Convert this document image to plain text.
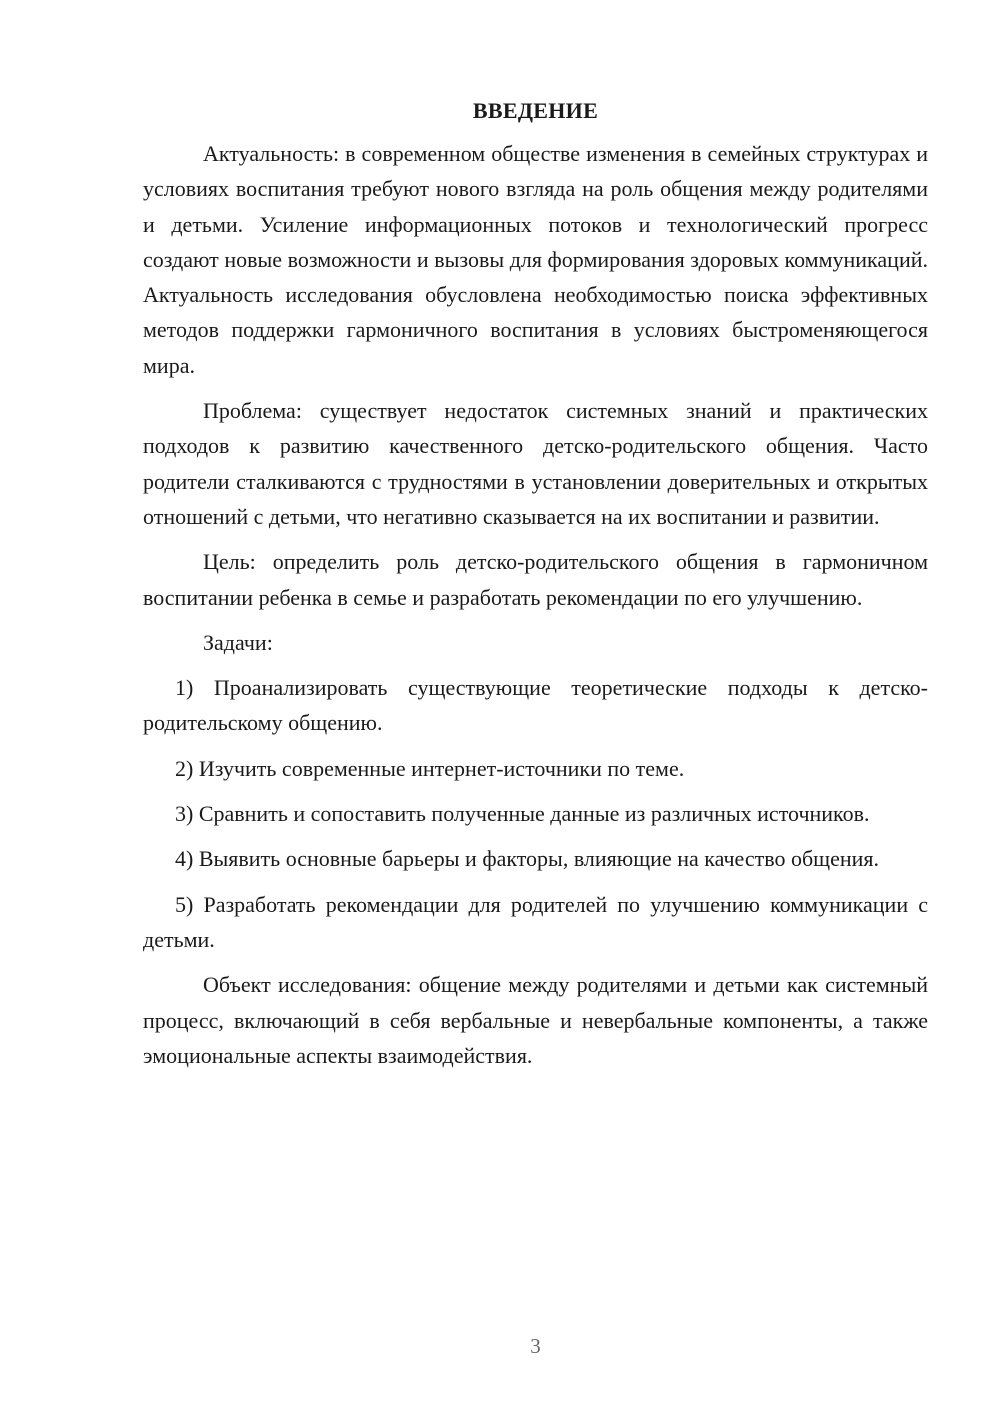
ВВЕДЕНИЕ

Актуальность: в современном обществе изменения в семейных структурах и условиях воспитания требуют нового взгляда на роль общения между родителями и детьми. Усиление информационных потоков и технологический прогресс создают новые возможности и вызовы для формирования здоровых коммуникаций. Актуальность исследования обусловлена необходимостью поиска эффективных методов поддержки гармоничного воспитания в условиях быстроменяющегося мира.

Проблема: существует недостаток системных знаний и практических подходов к развитию качественного детско-родительского общения. Часто родители сталкиваются с трудностями в установлении доверительных и открытых отношений с детьми, что негативно сказывается на их воспитании и развитии.

Цель: определить роль детско-родительского общения в гармоничном воспитании ребенка в семье и разработать рекомендации по его улучшению.

Задачи:

1) Проанализировать существующие теоретические подходы к детско-родительскому общению.

2) Изучить современные интернет-источники по теме.

3) Сравнить и сопоставить полученные данные из различных источников.

4) Выявить основные барьеры и факторы, влияющие на качество общения.

5) Разработать рекомендации для родителей по улучшению коммуникации с детьми.

Объект исследования: общение между родителями и детьми как системный процесс, включающий в себя вербальные и невербальные компоненты, а также эмоциональные аспекты взаимодействия.

3
